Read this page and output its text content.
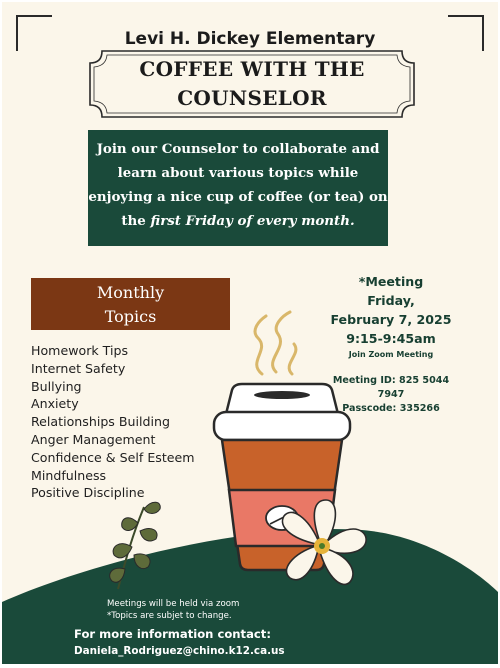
Levi H. Dickey Elementary
COFFEE WITH THE
COUNSELOR
Join our Counselor to collaborate and
learn about various topics while
enjoying a nice cup of coffee (or tea) on
the first Friday of every month.
Monthly
Topics
Homework Tips
Internet Safety
Bullying
Anxiety
Relationships Building
Anger Management
Confidence & Self Esteem
Mindfulness
Positive Discipline
*Meeting
Friday,
February 7, 2025
9:15-9:45am
Join Zoom Meeting
Meeting ID: 825 5044 7947
Passcode: 335266
Meetings will be held via zoom
*Topics are subjet to change.
For more information contact:
Daniela_Rodriguez@chino.k12.ca.us
